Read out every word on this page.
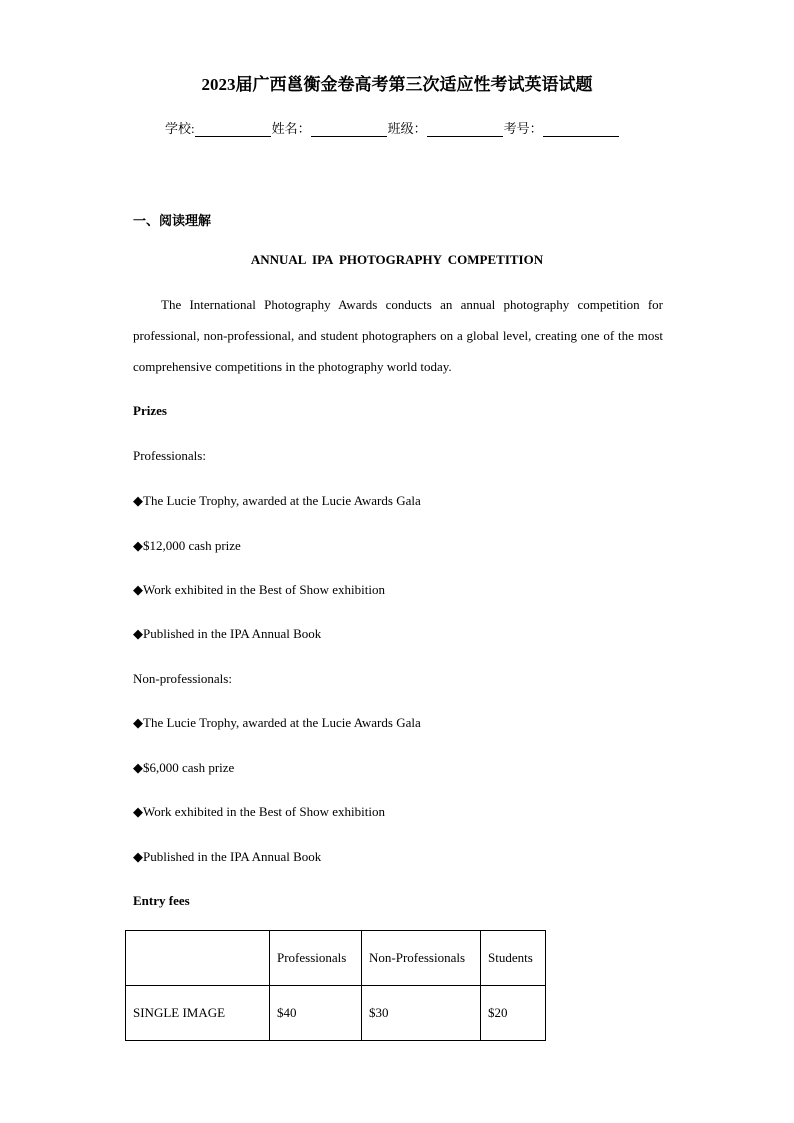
2023届广西邕衡金卷高考第三次适应性考试英语试题
学校:	姓名：	班级：	考号：
一、阅读理解
ANNUAL IPA PHOTOGRAPHY COMPETITION

The International Photography Awards conducts an annual photography competition for professional, non-professional, and student photographers on a global level, creating one of the most comprehensive competitions in the photography world today.

Prizes
Professionals:
◆The Lucie Trophy, awarded at the Lucie Awards Gala
◆$12,000 cash prize
◆Work exhibited in the Best of Show exhibition
◆Published in the IPA Annual Book
Non-professionals:
◆The Lucie Trophy, awarded at the Lucie Awards Gala
◆$6,000 cash prize
◆Work exhibited in the Best of Show exhibition
◆Published in the IPA Annual Book
Entry fees
	Professionals	Non-Professionals	Students
SINGLE IMAGE	$40	$30	$20
